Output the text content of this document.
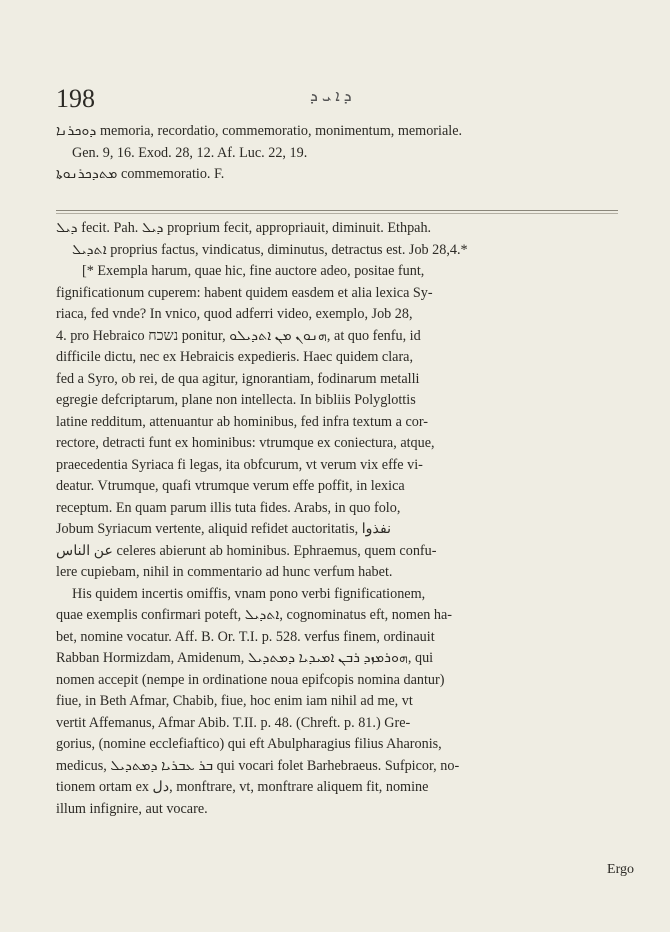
198	ܕ ܐ ܝ ܕ
ܕܘܟܪܢܐ memoria, recordatio, commemoratio, monimentum, memoriale.
Gen. 9, 16. Exod. 28, 12. Af. Luc. 22, 19.
ܡܬܕܟܪܢܘܬܐ commemoratio. F.
ܕܝܠ fecit. Pah. ܕܝܠ proprium fecit, appropriauit, diminuit. Ethpah.
ܐܬܕܝܠ proprius factus, vindicatus, diminutus, detractus est. Job 28,4.*
[* Exempla harum, quae hic, fine auctore adeo, positae funt,
fignificationum cuperem: habent quidem easdem et alia lexica Sy-
riaca, fed vnde? In vnico, quod adferri video, exemplo, Job 28,
4. pro Hebraico נשכח ponitur, ܗܢܘܢ ܡܢ ܐܬܕܝܠܘ, at quo fenfu, id
difficile dictu, nec ex Hebraicis expedieris. Haec quidem clara,
fed a Syro, ob rei, de qua agitur, ignorantiam, fodinarum metalli
egregie defcriptarum, plane non intellecta. In bibliis Polyglottis
latine redditum, attenuantur ab hominibus, fed infra textum a cor-
rectore, detracti funt ex hominibus: vtrumque ex coniectura, atque,
praecedentia Syriaca fi legas, ita obfcurum, vt verum vix effe vi-
deatur. Vtrumque, quafi vtrumque verum effe poffit, in lexica
receptum. En quam parum illis tuta fides. Arabs, in quo folo,
Jobum Syriacum vertente, aliquid refidet auctoritatis, نفذوا
عن الناس celeres abierunt ab hominibus. Ephraemus, quem confu-
lere cupiebam, nihil in commentario ad hunc verfum habet.
His quidem incertis omiffis, vnam pono verbi fignificationem,
quae exemplis confirmari poteft, ܐܬܕܝܠ, cognominatus eft, nomen ha-
bet, nomine vocatur. Aff. B. Or. T.I. p. 528. verfus finem, ordinauit
Rabban Hormizdam, Amidenum, ܗܘܪܡܙܕ ܪܒܢ ܐܡܝܕܝܐ ܕܡܬܕܝܠ, qui
nomen accepit (nempe in ordinatione noua epifcopis nomina dantur)
fiue, in Beth Afmar, Chabib, fiue, hoc enim iam nihil ad me, vt
vertit Affemanus, Afmar Abib. T.II. p. 48. (Chreft. p. 81.) Gre-
gorius, (nomine ecclefiaftico) qui eft Abulpharagius filius Aharonis,
medicus, ܒܪ ܥܒܪܝܐ ܕܡܬܕܝܠ qui vocari folet Barhebraeus. Sufpicor, no-
tionem ortam ex دل, monftrare, vt, monftrare aliquem fit, nomine
illum infignire, aut vocare.
Ergo
